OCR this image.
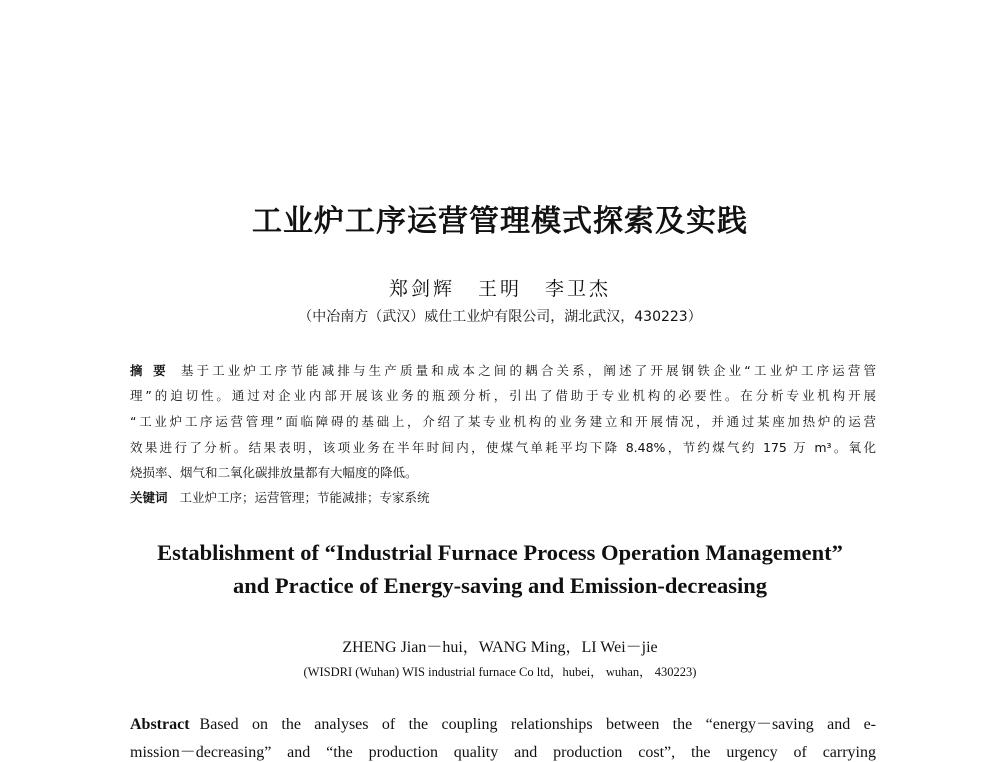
工业炉工序运营管理模式探索及实践
郑剑辉 王明 李卫杰
（中冶南方（武汉）威仕工业炉有限公司，湖北武汉，430223）
摘 要 基于工业炉工序节能减排与生产质量和成本之间的耦合关系，阐述了开展钢铁企业“工业炉工序运营管
理”的迫切性。通过对企业内部开展该业务的瓶颈分析，引出了借助于专业机构的必要性。在分析专业机构开展
“工业炉工序运营管理”面临障碍的基础上，介绍了某专业机构的业务建立和开展情况，并通过某座加热炉的运营
效果进行了分析。结果表明，该项业务在半年时间内，使煤气单耗平均下降 8.48%，节约煤气约 175 万 m³。氧化
烧损率、烟气和二氧化碳排放量都有大幅度的降低。
关键词 工业炉工序；运营管理；节能减排；专家系统
Establishment of “Industrial Furnace Process Operation Management”
and Practice of Energy-saving and Emission-decreasing
ZHENG Jian－hui，WANG Ming，LI Wei－jie
(WISDRI (Wuhan) WIS industrial furnace Co ltd，hubei， wuhan， 430223)
Abstract Based on the analyses of the coupling relationships between the “energy－saving and e-
mission－decreasing” and “the production quality and production cost”, the urgency of carrying
